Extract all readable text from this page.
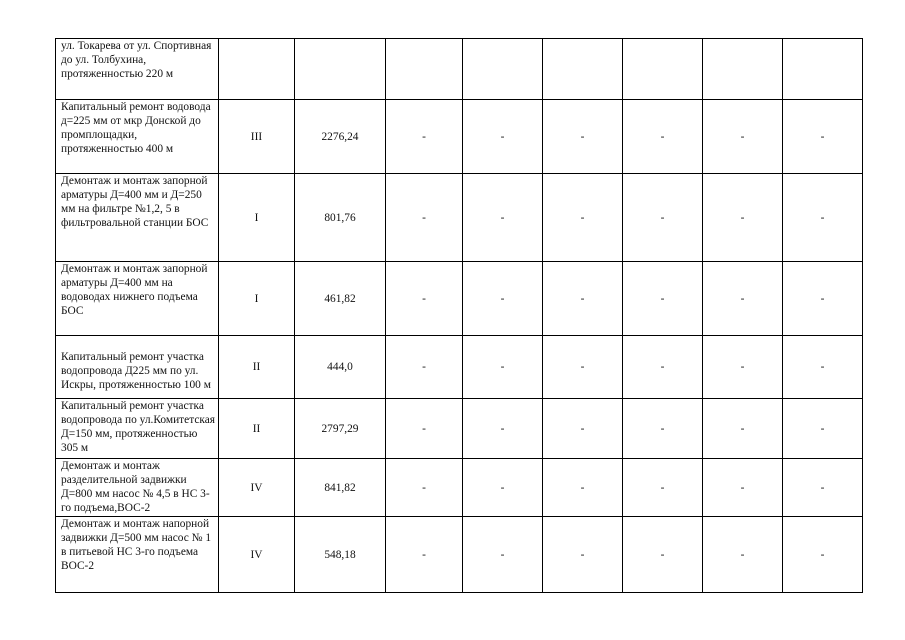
ул. Токарева от ул. Спортивная до ул. Толбухина, протяженностью 220 м								
Капитальный ремонт водовода д=225 мм от мкр Донской до промплощадки, протяженностью 400 м	III	2276,24	-	-	-	-	-	-
Демонтаж и монтаж запорной арматуры Д=400 мм и Д=250 мм на фильтре №1,2, 5 в фильтровальной станции БОС	I	801,76	-	-	-	-	-	-
Демонтаж и монтаж запорной арматуры Д=400 мм на водоводах нижнего подъема БОС	I	461,82	-	-	-	-	-	-

Капитальный ремонт участка водопровода Д225 мм по ул. Искры, протяженностью 100 м	II	444,0	-	-	-	-	-	-
Капитальный ремонт участка водопровода по ул.Комитетская Д=150 мм, протяженностью 305 м	II	2797,29	-	-	-	-	-	-
Демонтаж и монтаж разделительной задвижки Д=800 мм насос № 4,5 в НС 3-го подъема,ВОС-2	IV	841,82	-	-	-	-	-	-
Демонтаж и монтаж напорной задвижки Д=500 мм насос № 1 в питьевой НС 3-го подъема ВОС-2	IV	548,18	-	-	-	-	-	-
